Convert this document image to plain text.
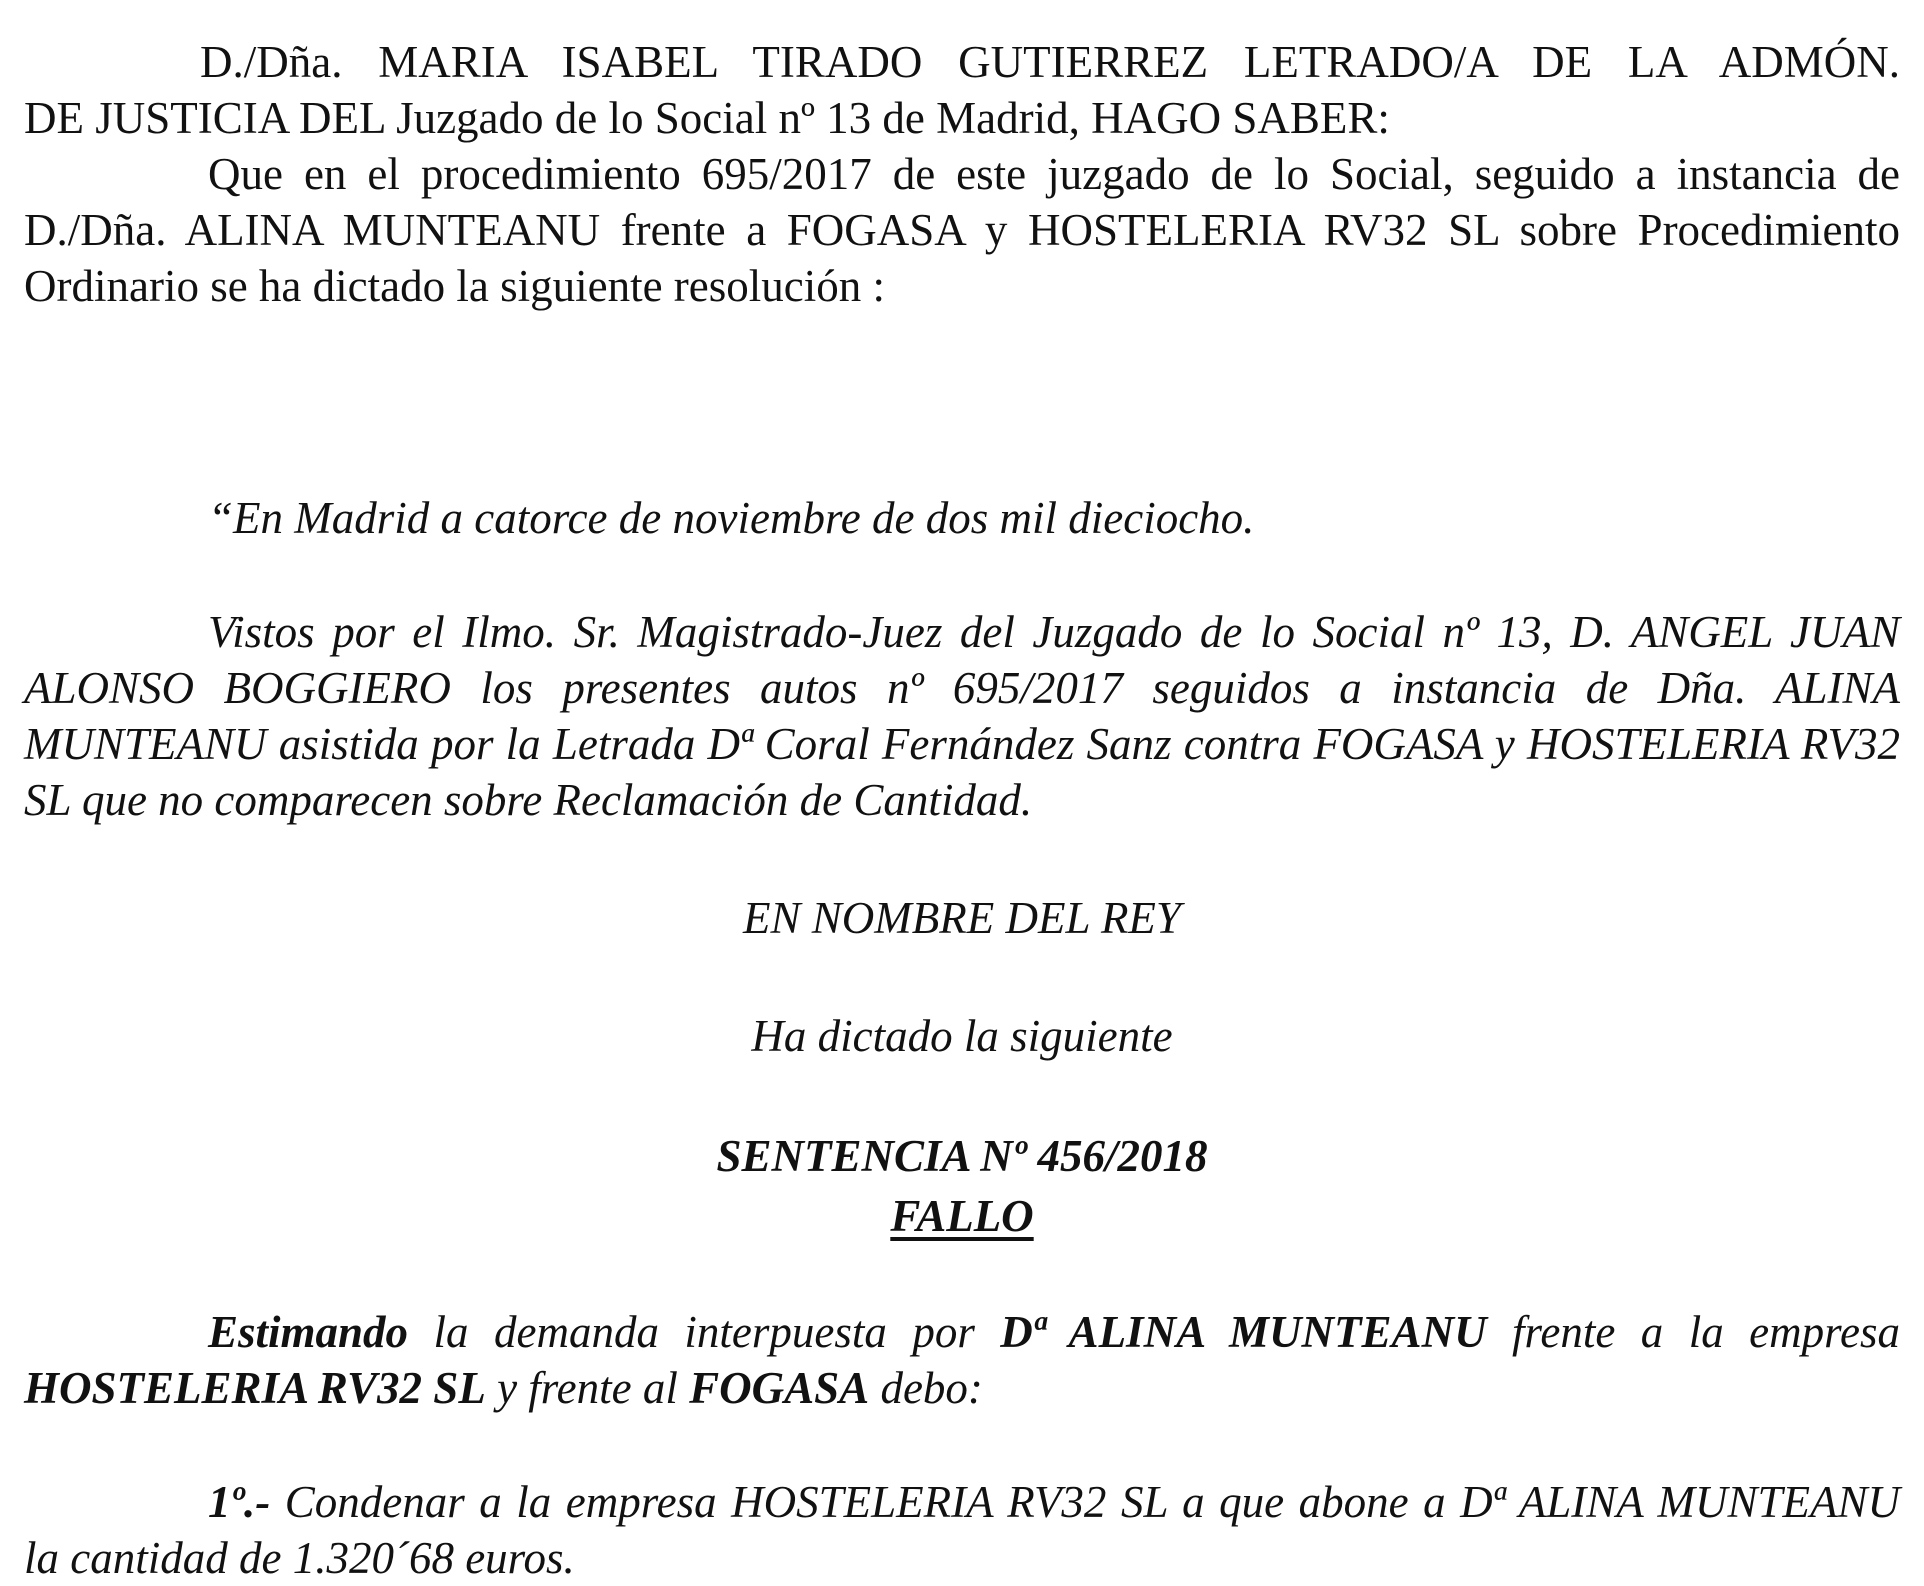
D./Dña. MARIA ISABEL TIRADO GUTIERREZ LETRADO/A DE LA ADMÓN.
DE JUSTICIA DEL Juzgado de lo Social nº 13 de Madrid, HAGO SABER:

Que en el procedimiento 695/2017 de este juzgado de lo Social, seguido a instancia de D./Dña. ALINA MUNTEANU frente a FOGASA y HOSTELERIA RV32 SL sobre Procedimiento Ordinario se ha dictado la siguiente resolución :

“En Madrid a catorce de noviembre de dos mil dieciocho.

Vistos por el Ilmo. Sr. Magistrado-Juez del Juzgado de lo Social nº 13, D. ANGEL JUAN ALONSO BOGGIERO los presentes autos nº 695/2017 seguidos a instancia de Dña. ALINA MUNTEANU asistida por la Letrada Dª Coral Fernández Sanz contra FOGASA y HOSTELERIA RV32 SL que no comparecen sobre Reclamación de Cantidad.

EN NOMBRE DEL REY

Ha dictado la siguiente

SENTENCIA Nº 456/2018

FALLO

Estimando la demanda interpuesta por Dª ALINA MUNTEANU frente a la empresa HOSTELERIA RV32 SL y frente al FOGASA debo:

1º.- Condenar a la empresa HOSTELERIA RV32 SL a que abone a Dª ALINA MUNTEANU la cantidad de 1.320´68 euros.
